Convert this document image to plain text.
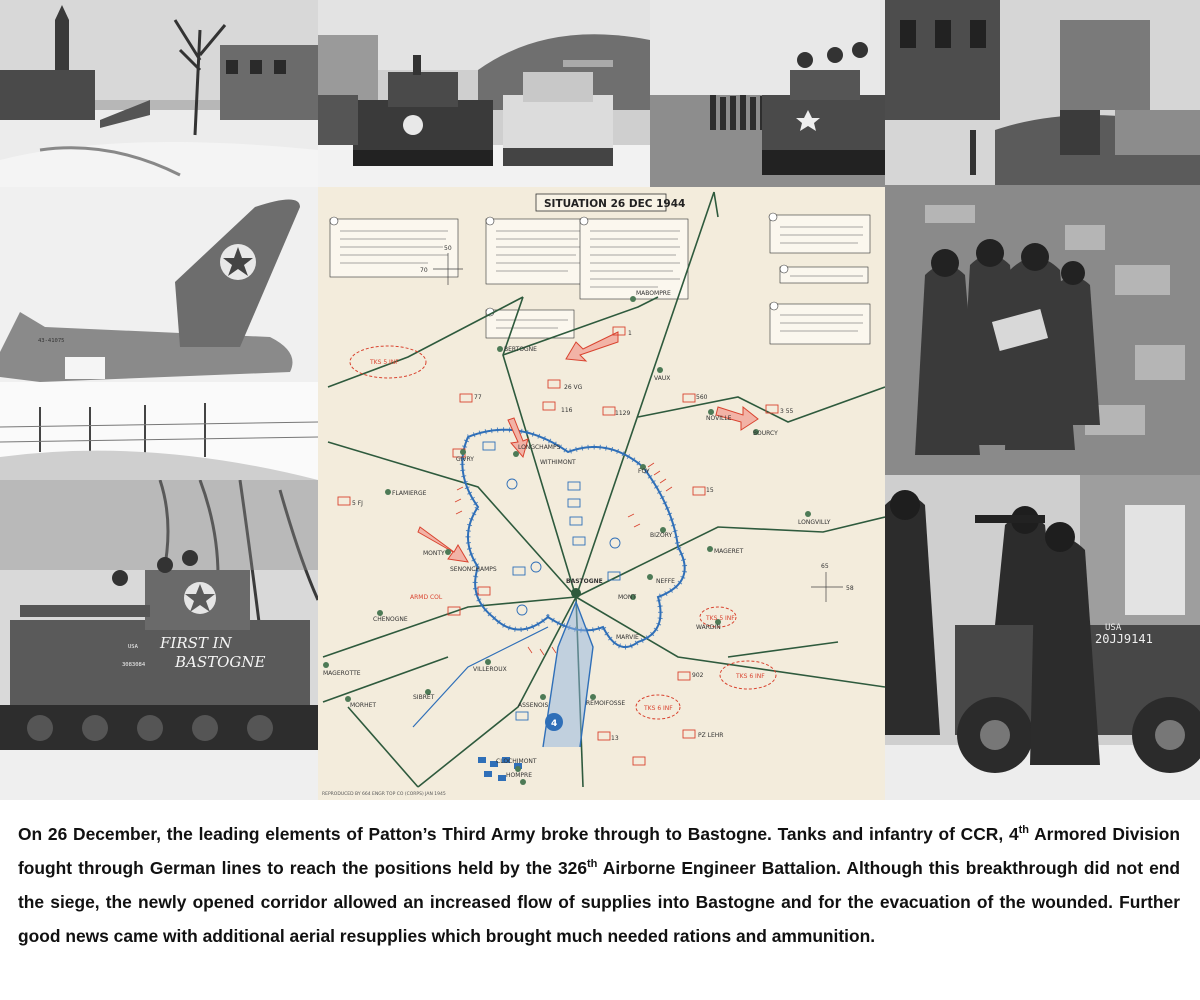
43-41075
FIRST IN
BASTOGNE
USA
3083084
USA
20JJ9141
SITUATION 26 DEC 1944
50
70
65
58
4
BASTOGNE
BERTOGNE
MABOMPRE
VAUX
NOVILLE
BOURCY
LONGCHAMPS
WITHIMONT
GIVRY
FLAMIERGE
FOY
BIZORY
MAGERET
LONGVILLY
MONTY
SENONCHAMPS
MONT
NEFFE
CHENOGNE
VILLEROUX
MARVIE
WARDIN
MAGEROTTE
SIBRET
ASSENOIS	REMOIFOSSE
MORHET
CLOCHIMONT
HOMPRE
26 VG
116
77
1129
560
3 55
1
15
902
5 FJ
13	PZ LEHR
TKS 5 INF
TKS 6 INF
TKS 6 INF
TKS 5 INF
ARMD COL
REPRODUCED BY 664 ENGR TOP CO (CORPS) JAN 1945
On 26 December, the leading elements of Patton’s Third Army broke through to Bastogne. Tanks and infantry of CCR, 4th Armored Division fought through German lines to reach the positions held by the 326th Airborne Engineer Battalion. Although this breakthrough did not end the siege, the newly opened corridor allowed an increased flow of supplies into Bastogne and for the evacuation of the wounded. Further good news came with additional aerial resupplies which brought much needed rations and ammunition.
